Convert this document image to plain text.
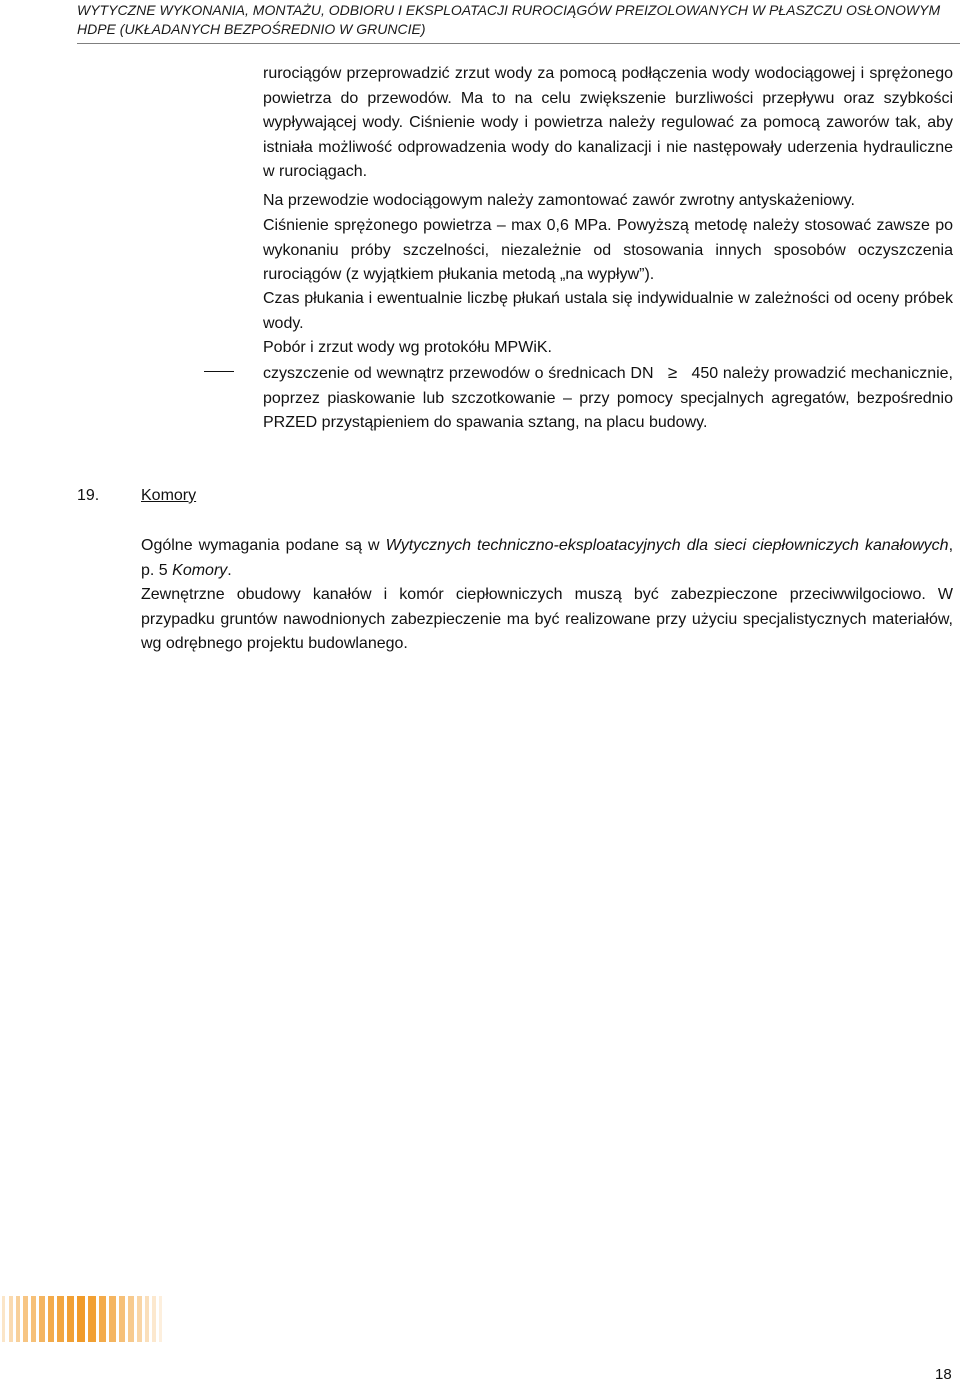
WYTYCZNE WYKONANIA, MONTAŻU, ODBIORU I EKSPLOATACJI RUROCIĄGÓW PREIZOLOWANYCH W PŁASZCZU OSŁONOWYM
HDPE (UKŁADANYCH BEZPOŚREDNIO W GRUNCIE)

rurociągów przeprowadzić zrzut wody za pomocą podłączenia wody wodociągowej i sprężonego powietrza do przewodów. Ma to na celu zwiększenie burzliwości przepływu oraz szybkości wypływającej wody. Ciśnienie wody i powietrza należy regulować za pomocą zaworów tak, aby istniała możliwość odprowadzenia wody do kanalizacji i nie następowały uderzenia hydrauliczne w rurociągach.

Na przewodzie wodociągowym należy zamontować zawór zwrotny antyskażeniowy.

Ciśnienie sprężonego powietrza – max 0,6 MPa. Powyższą metodę należy stosować zawsze po wykonaniu próby szczelności, niezależnie od stosowania innych sposobów oczyszczenia rurociągów (z wyjątkiem płukania metodą „na wypływ”).

Czas płukania i ewentualnie liczbę płukań ustala się indywidualnie w zależności od oceny próbek wody.

Pobór i zrzut wody wg protokółu MPWiK.

czyszczenie od wewnątrz przewodów o średnicach DN ≥ 450 należy prowadzić mechanicznie, poprzez piaskowanie lub szczotkowanie – przy pomocy specjalnych agregatów, bezpośrednio PRZED przystąpieniem do spawania sztang, na placu budowy.

19.	Komory

Ogólne wymagania podane są w Wytycznych techniczno-eksploatacyjnych dla sieci ciepłowniczych kanałowych, p. 5 Komory.

Zewnętrzne obudowy kanałów i komór ciepłowniczych muszą być zabezpieczone przeciwwilgociowo. W przypadku gruntów nawodnionych zabezpieczenie ma być realizowane przy użyciu specjalistycznych materiałów, wg odrębnego projektu budowlanego.

18
